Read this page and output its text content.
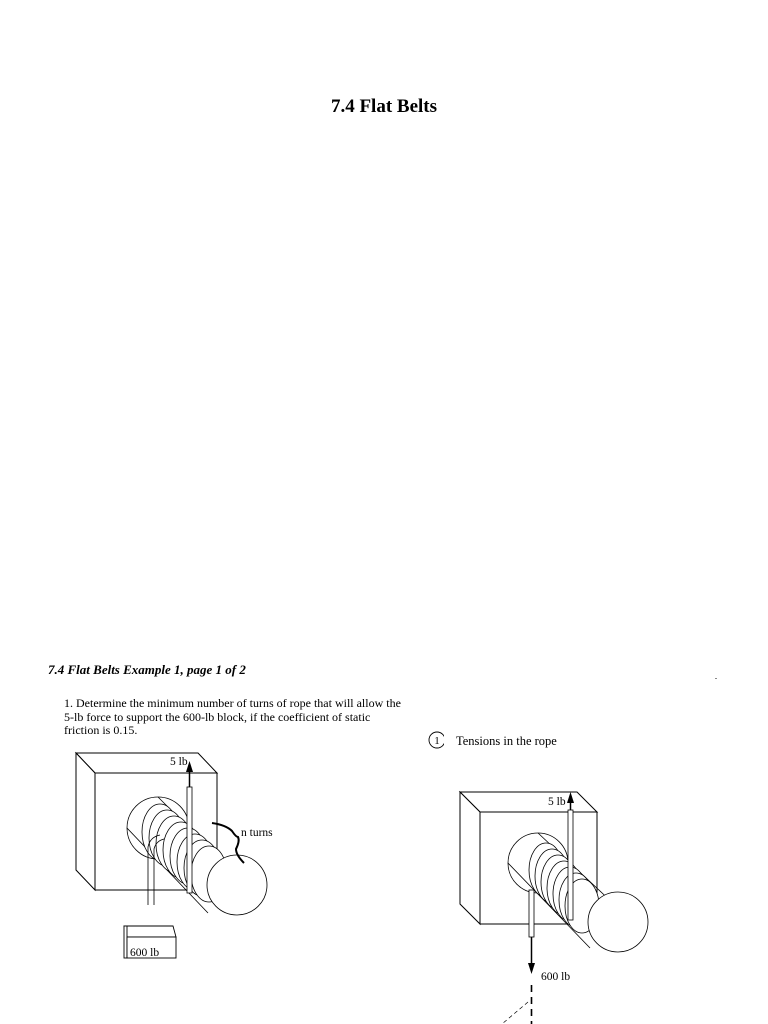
7.4 Flat Belts
7.4 Flat Belts Example 1, page 1 of 2
1. Determine the minimum number of turns of rope that will allow the 5-lb force to support the 600-lb block, if the coefficient of static friction is 0.15.
5 lb
n turns
600 lb
1 Tensions in the rope
5 lb
600 lb
